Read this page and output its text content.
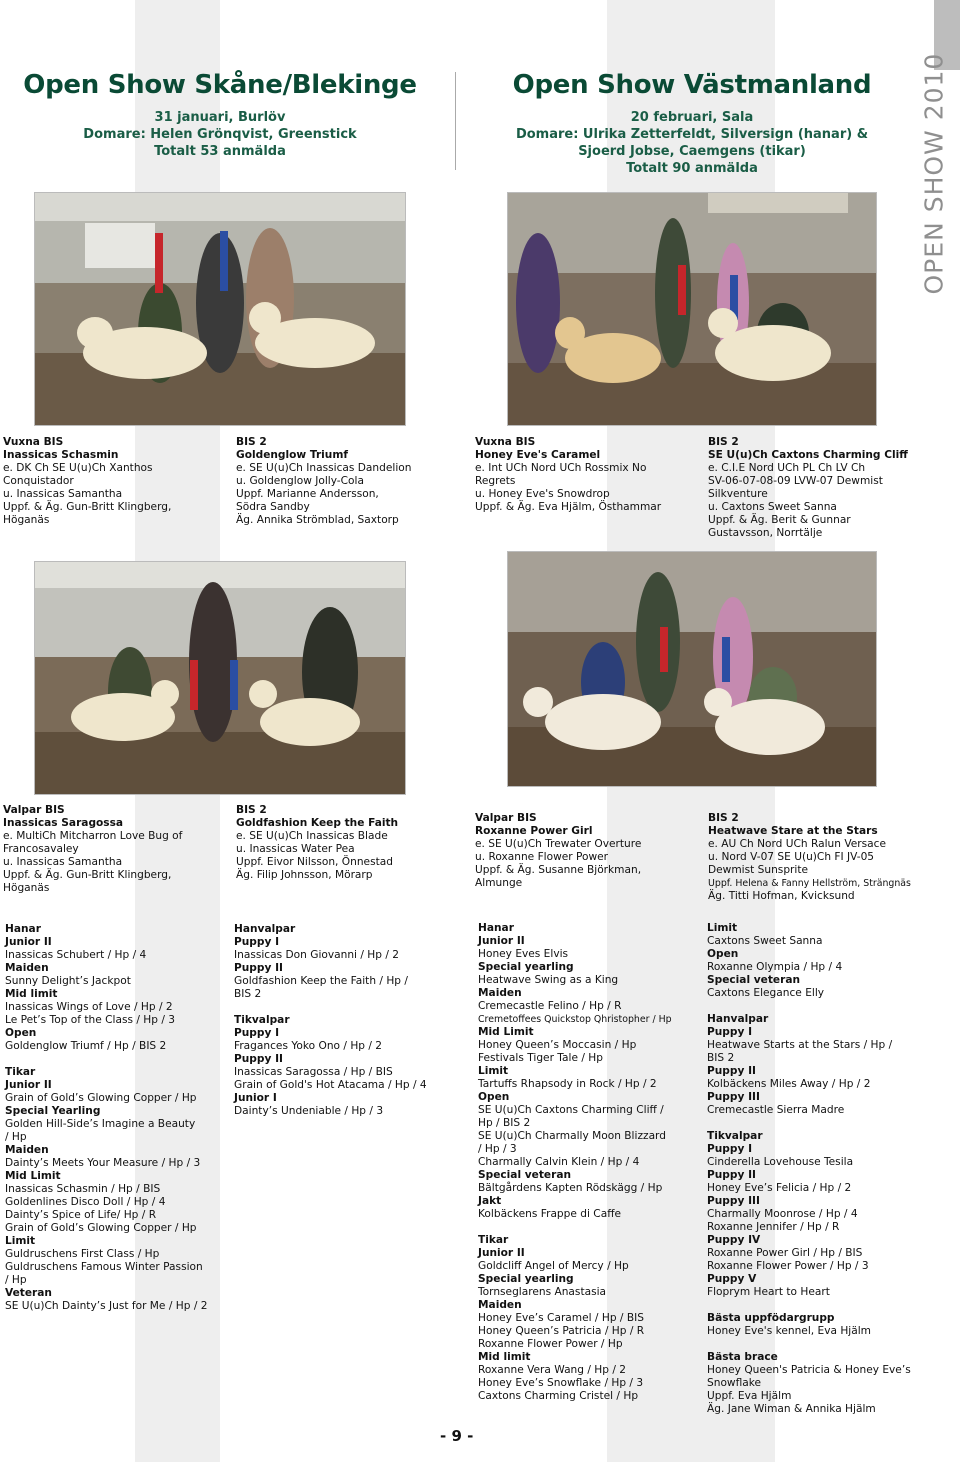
OPEN SHOW 2010
Open Show Skåne/Blekinge
31 januari, Burlöv
Domare: Helen Grönqvist, Greenstick
Totalt 53 anmälda
Open Show Västmanland
20 februari, Sala
Domare: Ulrika Zetterfeldt, Silversign (hanar) &
Sjoerd Jobse, Caemgens (tikar)
Totalt 90 anmälda
Vuxna BIS
Inassicas Schasmin
e. DK Ch SE U(u)Ch Xanthos
Conquistador
u. Inassicas Samantha
Uppf. & Äg. Gun-Britt Klingberg,
Höganäs
BIS 2
Goldenglow Triumf
e. SE U(u)Ch Inassicas Dandelion
u. Goldenglow Jolly-Cola
Uppf. Marianne Andersson,
Södra Sandby
Äg. Annika Strömblad, Saxtorp
Vuxna BIS
Honey Eve's Caramel
e. Int UCh Nord UCh Rossmix No
Regrets
u. Honey Eve's Snowdrop
Uppf. & Äg. Eva Hjälm, Östhammar
BIS 2
SE U(u)Ch Caxtons Charming Cliff
e. C.I.E Nord UCh PL Ch LV Ch
SV-06-07-08-09 LVW-07 Dewmist
Silkventure
u. Caxtons Sweet Sanna
Uppf. & Äg. Berit & Gunnar
Gustavsson, Norrtälje
Valpar BIS
Inassicas Saragossa
e. MultiCh Mitcharron Love Bug of
Francosavaley
u. Inassicas Samantha
Uppf. & Äg. Gun-Britt Klingberg,
Höganäs
BIS 2
Goldfashion Keep the Faith
e. SE U(u)Ch Inassicas Blade
u. Inassicas Water Pea
Uppf. Eivor Nilsson, Önnestad
Äg. Filip Johnsson, Mörarp
Valpar BIS
Roxanne Power Girl
e. SE U(u)Ch Trewater Overture
u. Roxanne Flower Power
Uppf. & Äg. Susanne Björkman,
Almunge
BIS 2
Heatwave Stare at the Stars
e. AU Ch Nord UCh Ralun Versace
u. Nord V-07 SE U(u)Ch FI JV-05
Dewmist Sunsprite
Uppf. Helena & Fanny Hellström, Strängnäs
Äg. Titti Hofman, Kvicksund
Hanar
Junior II
Inassicas Schubert / Hp / 4
Maiden
Sunny Delight’s Jackpot
Mid limit
Inassicas Wings of Love / Hp / 2
Le Pet’s Top of the Class / Hp / 3
Open
Goldenglow Triumf / Hp / BIS 2
Tikar
Junior II
Grain of Gold’s Glowing Copper / Hp
Special Yearling
Golden Hill-Side’s Imagine a Beauty
/ Hp
Maiden
Dainty’s Meets Your Measure / Hp / 3
Mid Limit
Inassicas Schasmin / Hp / BIS
Goldenlines Disco Doll / Hp / 4
Dainty’s Spice of Life/ Hp / R
Grain of Gold’s Glowing Copper / Hp
Limit
Guldruschens First Class / Hp
Guldruschens Famous Winter Passion
/ Hp
Veteran
SE U(u)Ch Dainty’s Just for Me / Hp / 2
Hanvalpar
Puppy I
Inassicas Don Giovanni / Hp / 2
Puppy II
Goldfashion Keep the Faith / Hp /
BIS 2
Tikvalpar
Puppy I
Fragances Yoko Ono / Hp / 2
Puppy II
Inassicas Saragossa / Hp / BIS
Grain of Gold's Hot Atacama / Hp / 4
Junior I
Dainty’s Undeniable / Hp / 3
Hanar
Junior II
Honey Eves Elvis
Special yearling
Heatwave Swing as a King
Maiden
Cremecastle Felino / Hp / R
Cremetoffees Quickstop Qhristopher / Hp
Mid Limit
Honey Queen’s Moccasin / Hp
Festivals Tiger Tale / Hp
Limit
Tartuffs Rhapsody in Rock / Hp / 2
Open
SE U(u)Ch Caxtons Charming Cliff /
Hp / BIS 2
SE U(u)Ch Charmally Moon Blizzard
/ Hp / 3
Charmally Calvin Klein / Hp / 4
Special veteran
Bältgårdens Kapten Rödskägg / Hp
Jakt
Kolbäckens Frappe di Caffe
Tikar
Junior II
Goldcliff Angel of Mercy / Hp
Special yearling
Tornseglarens Anastasia
Maiden
Honey Eve’s Caramel / Hp / BIS
Honey Queen’s Patricia / Hp / R
Roxanne Flower Power / Hp
Mid limit
Roxanne Vera Wang / Hp / 2
Honey Eve’s Snowflake / Hp / 3
Caxtons Charming Cristel / Hp
Limit
Caxtons Sweet Sanna
Open
Roxanne Olympia / Hp / 4
Special veteran
Caxtons Elegance Elly
Hanvalpar
Puppy I
Heatwave Starts at the Stars / Hp /
BIS 2
Puppy II
Kolbäckens Miles Away / Hp / 2
Puppy III
Cremecastle Sierra Madre
Tikvalpar
Puppy I
Cinderella Lovehouse Tesila
Puppy II
Honey Eve’s Felicia / Hp / 2
Puppy III
Charmally Moonrose / Hp / 4
Roxanne Jennifer / Hp / R
Puppy IV
Roxanne Power Girl / Hp / BIS
Roxanne Flower Power / Hp / 3
Puppy V
Floprym Heart to Heart
Bästa uppfödargrupp
Honey Eve's kennel, Eva Hjälm
Bästa brace
Honey Queen's Patricia & Honey Eve’s
Snowflake
Uppf. Eva Hjälm
Äg. Jane Wiman & Annika Hjälm
- 9 -
